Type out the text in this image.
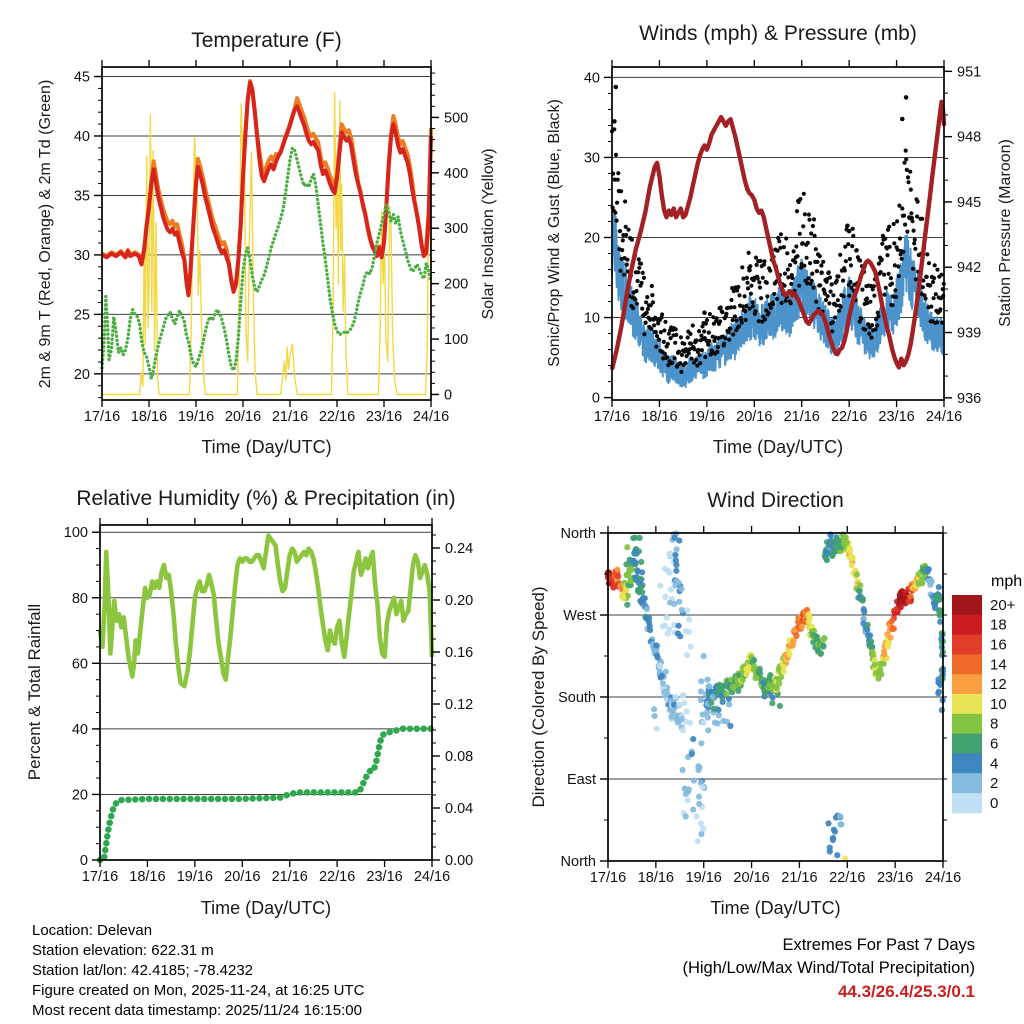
17/16 18/16 19/16 20/16 21/16 22/16 23/16 24/16
20
25
30
35
40
45
0
100
200
300
400
500
17/16 18/16 19/16 20/16 21/16 22/16 23/16 24/16
0
10
20
30
40
936
939
942
945
948
951
17/16 18/16 19/16 20/16 21/16 22/16 23/16 24/16
0
20
40
60
80
100
0.00
0.04
0.08
0.12
0.16
0.20
0.24
17/16 18/16 19/16 20/16 21/16 22/16 23/16 24/16
North
East
South
West
North
20+
18
16
14
12
10
8
6
4
2
0
Temperature (F)	Winds (mph) & Pressure (mb)
Relative Humidity (%) & Precipitation (in)	Wind Direction
Time (Day/UTC)	Time (Day/UTC)
Time (Day/UTC)	Time (Day/UTC)
2m & 9m T (Red, Orange) & 2m Td (Green)	Solar Insolation (Yellow)	Sonic/Prop Wind & Gust (Blue, Black)	Station Pressure (Maroon)
Percent & Total Rainfall	Direction (Colored By Speed)
mph
Location: Delevan
Station elevation: 622.31 m
Station lat/lon: 42.4185; -78.4232
Figure created on Mon, 2025-11-24, at 16:25 UTC
Most recent data timestamp: 2025/11/24 16:15:00
Extremes For Past 7 Days
(High/Low/Max Wind/Total Precipitation)
44.3/26.4/25.3/0.1
